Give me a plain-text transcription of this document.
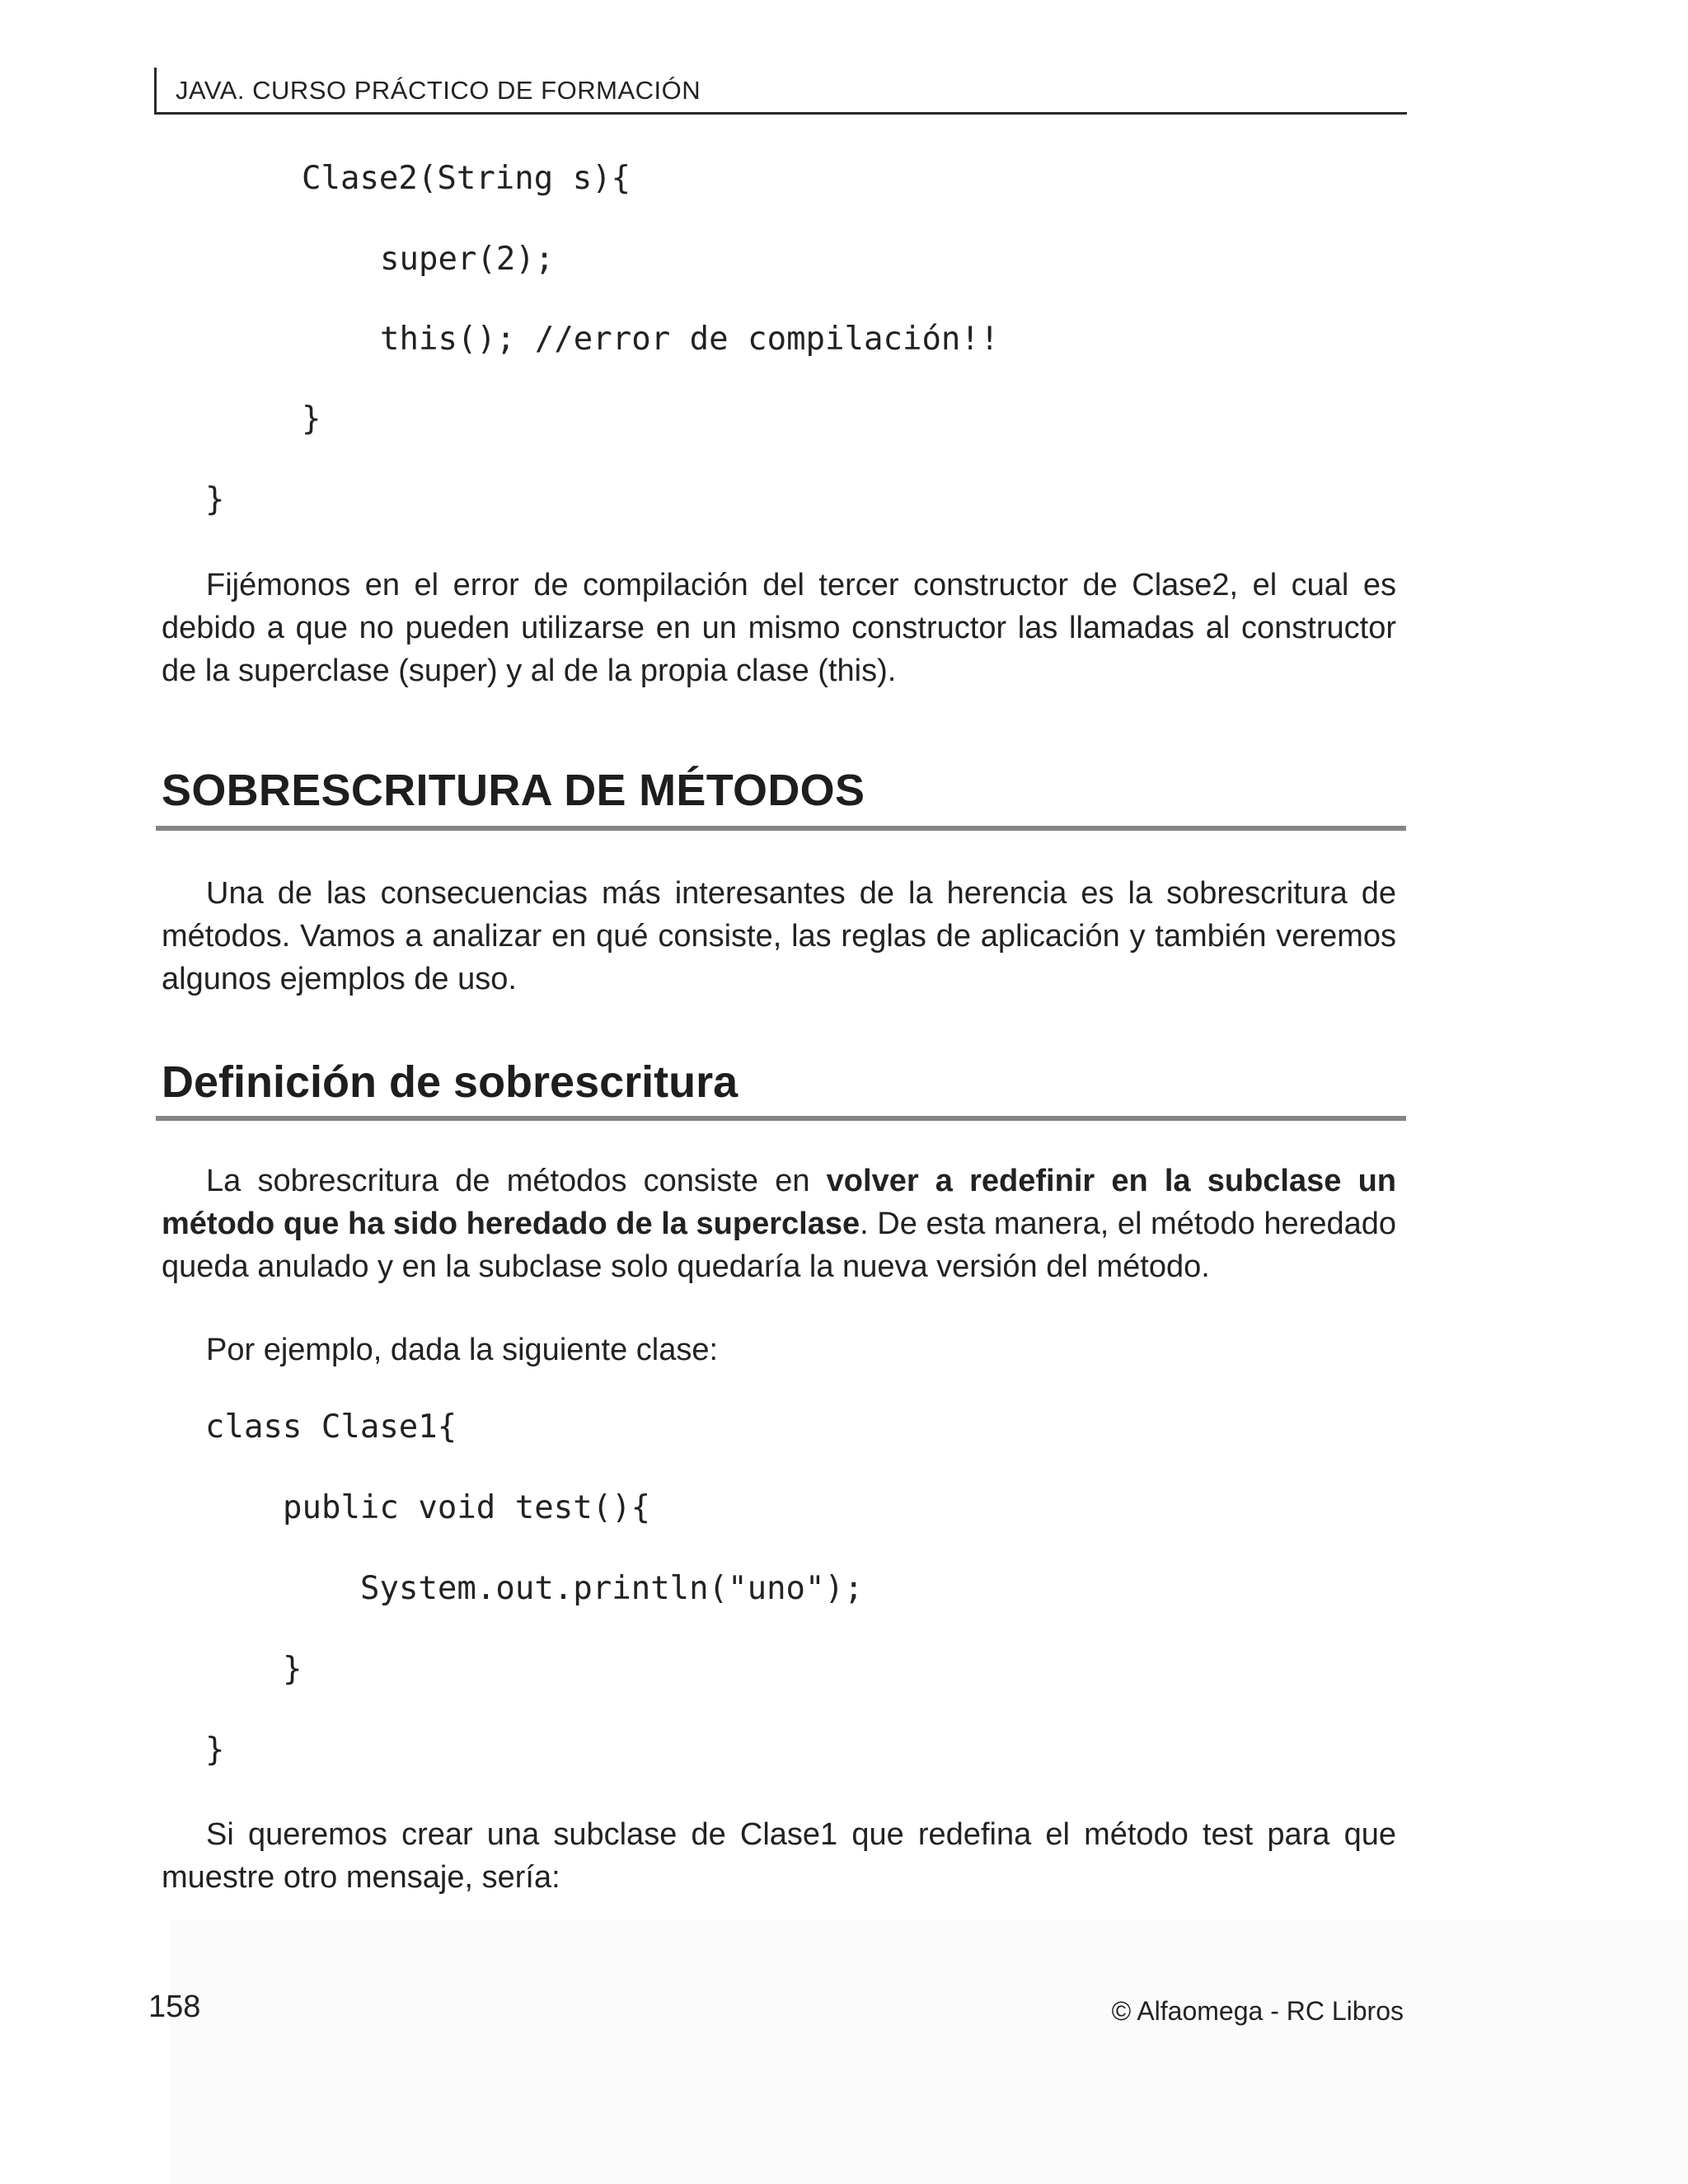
JAVA. CURSO PRÁCTICO DE FORMACIÓN
Clase2(String s){
super(2);
this(); //error de compilación!!
}
}
Fijémonos en el error de compilación del tercer constructor de Clase2, el cual es debido a que no pueden utilizarse en un mismo constructor las llamadas al constructor de la superclase (super) y al de la propia clase (this).
SOBRESCRITURA DE MÉTODOS
Una de las consecuencias más interesantes de la herencia es la sobrescritura de métodos. Vamos a analizar en qué consiste, las reglas de aplicación y también veremos algunos ejemplos de uso.
Definición de sobrescritura
La sobrescritura de métodos consiste en volver a redefinir en la subclase un método que ha sido heredado de la superclase. De esta manera, el método heredado queda anulado y en la subclase solo quedaría la nueva versión del método.
Por ejemplo, dada la siguiente clase:
class Clase1{
public void test(){
System.out.println("uno");
}
}
Si queremos crear una subclase de Clase1 que redefina el método test para que muestre otro mensaje, sería:
158	© Alfaomega - RC Libros
